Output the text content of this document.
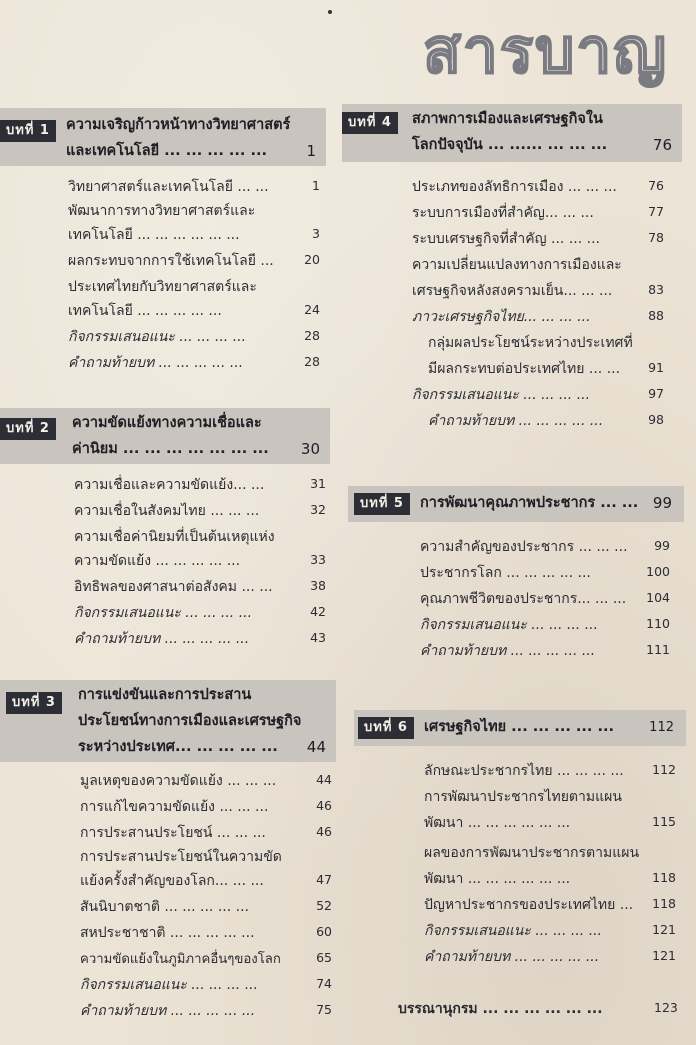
สารบาญ
บทที่ 1	ความเจริญก้าวหน้าทางวิทยาศาสตร์
และเทคโนโลยี ... ... ... ... ...	1
วิทยาศาสตร์และเทคโนโลยี ... ...	1
พัฒนาการทางวิทยาศาสตร์และ
เทคโนโลยี ... ... ... ... ... ...	3
ผลกระทบจากการใช้เทคโนโลยี ... 20
ประเทศไทยกับวิทยาศาสตร์และ
เทคโนโลยี ... ... ... ... ...	24
กิจกรรมเสนอแนะ ... ... ... ...	28
คำถามท้ายบท ... ... ... ... ...	28
บทที่ 2	ความขัดแย้งทางความเชื่อและ
ค่านิยม ... ... ... ... ... ... ... 30
ความเชื่อและความขัดแย้ง... ...	31
ความเชื่อในสังคมไทย ... ... ...	32
ความเชื่อค่านิยมที่เป็นต้นเหตุแห่ง
ความขัดแย้ง ... ... ... ... ...	33
อิทธิพลของศาสนาต่อสังคม ... ...	38
กิจกรรมเสนอแนะ ... ... ... ...	42
คำถามท้ายบท ... ... ... ... ...	43
บทที่ 3	การแข่งขันและการประสาน
ประโยชน์ทางการเมืองและเศรษฐกิจ
ระหว่างประเทศ... ... ... ... ... 44
มูลเหตุของความขัดแย้ง ... ... ...	44
การแก้ไขความขัดแย้ง ... ... ...	46
การประสานประโยชน์ ... ... ...	46
การประสานประโยชน์ในความขัด
แย้งครั้งสำคัญของโลก... ... ...	47
สันนิบาตชาติ ... ... ... ... ...	52
สหประชาชาติ ... ... ... ... ...	60
ความขัดแย้งในภูมิภาคอื่นๆของโลก	65
กิจกรรมเสนอแนะ ... ... ... ...	74
คำถามท้ายบท ... ... ... ... ...	75
บทที่ 4	สภาพการเมืองและเศรษฐกิจใน
โลกปัจจุบัน ... ...... ... ... ...	76
ประเภทของลัทธิการเมือง ... ... ... 76
ระบบการเมืองที่สำคัญ... ... ...	77
ระบบเศรษฐกิจที่สำคัญ ... ... ...	78
ความเปลี่ยนแปลงทางการเมืองและ
เศรษฐกิจหลังสงครามเย็น... ... ...	83
ภาวะเศรษฐกิจไทย... ... ... ...	88
กลุ่มผลประโยชน์ระหว่างประเทศที่
มีผลกระทบต่อประเทศไทย ... ... 91
กิจกรรมเสนอแนะ ... ... ... ...	97
คำถามท้ายบท ... ... ... ... ...	98
บทที่ 5	การพัฒนาคุณภาพประชากร ... ... 99
ความสำคัญของประชากร ... ... ... 99
ประชากรโลก ... ... ... ... ...	100
คุณภาพชีวิตของประชากร... ... ... 104
กิจกรรมเสนอแนะ ... ... ... ...	110
คำถามท้ายบท ... ... ... ... ...	111
บทที่ 6	เศรษฐกิจไทย ... ... ... ... ...	112
ลักษณะประชากรไทย ... ... ... ... 112
การพัฒนาประชากรไทยตามแผน
พัฒนา ... ... ... ... ... ...	115
ผลของการพัฒนาประชากรตามแผน
พัฒนา ... ... ... ... ... ...	118
ปัญหาประชากรของประเทศไทย ... 118
กิจกรรมเสนอแนะ ... ... ... ...	121
คำถามท้ายบท ... ... ... ... ...	121
บรรณานุกรม ... ... ... ... ... ...	123
